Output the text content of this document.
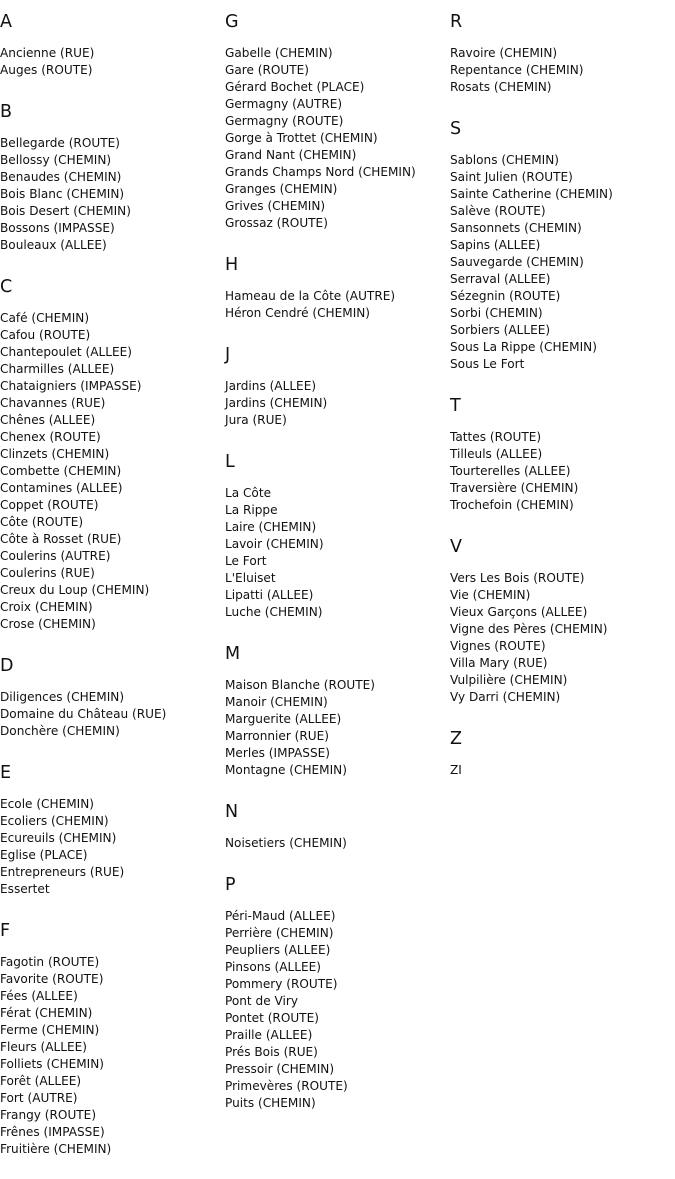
A
Ancienne (RUE)
Auges (ROUTE)
B
Bellegarde (ROUTE)
Bellossy (CHEMIN)
Benaudes (CHEMIN)
Bois Blanc (CHEMIN)
Bois Desert (CHEMIN)
Bossons (IMPASSE)
Bouleaux (ALLEE)
C
Café (CHEMIN)
Cafou (ROUTE)
Chantepoulet (ALLEE)
Charmilles (ALLEE)
Chataigniers (IMPASSE)
Chavannes (RUE)
Chênes (ALLEE)
Chenex (ROUTE)
Clinzets (CHEMIN)
Combette (CHEMIN)
Contamines (ALLEE)
Coppet (ROUTE)
Côte (ROUTE)
Côte à Rosset (RUE)
Coulerins (AUTRE)
Coulerins (RUE)
Creux du Loup (CHEMIN)
Croix (CHEMIN)
Crose (CHEMIN)
D
Diligences (CHEMIN)
Domaine du Château (RUE)
Donchère (CHEMIN)
E
Ecole (CHEMIN)
Ecoliers (CHEMIN)
Ecureuils (CHEMIN)
Eglise (PLACE)
Entrepreneurs (RUE)
Essertet
F
Fagotin (ROUTE)
Favorite (ROUTE)
Fées (ALLEE)
Férat (CHEMIN)
Ferme (CHEMIN)
Fleurs (ALLEE)
Folliets (CHEMIN)
Forêt (ALLEE)
Fort (AUTRE)
Frangy (ROUTE)
Frênes (IMPASSE)
Fruitière (CHEMIN)
G
Gabelle (CHEMIN)
Gare (ROUTE)
Gérard Bochet (PLACE)
Germagny (AUTRE)
Germagny (ROUTE)
Gorge à Trottet (CHEMIN)
Grand Nant (CHEMIN)
Grands Champs Nord (CHEMIN)
Granges (CHEMIN)
Grives (CHEMIN)
Grossaz (ROUTE)
H
Hameau de la Côte (AUTRE)
Héron Cendré (CHEMIN)
J
Jardins (ALLEE)
Jardins (CHEMIN)
Jura (RUE)
L
La Côte
La Rippe
Laire (CHEMIN)
Lavoir (CHEMIN)
Le Fort
L'Eluiset
Lipatti (ALLEE)
Luche (CHEMIN)
M
Maison Blanche (ROUTE)
Manoir (CHEMIN)
Marguerite (ALLEE)
Marronnier (RUE)
Merles (IMPASSE)
Montagne (CHEMIN)
N
Noisetiers (CHEMIN)
P
Péri-Maud (ALLEE)
Perrière (CHEMIN)
Peupliers (ALLEE)
Pinsons (ALLEE)
Pommery (ROUTE)
Pont de Viry
Pontet (ROUTE)
Praille (ALLEE)
Prés Bois (RUE)
Pressoir (CHEMIN)
Primevères (ROUTE)
Puits (CHEMIN)
R
Ravoire (CHEMIN)
Repentance (CHEMIN)
Rosats (CHEMIN)
S
Sablons (CHEMIN)
Saint Julien (ROUTE)
Sainte Catherine (CHEMIN)
Salève (ROUTE)
Sansonnets (CHEMIN)
Sapins (ALLEE)
Sauvegarde (CHEMIN)
Serraval (ALLEE)
Sézegnin (ROUTE)
Sorbi (CHEMIN)
Sorbiers (ALLEE)
Sous La Rippe (CHEMIN)
Sous Le Fort
T
Tattes (ROUTE)
Tilleuls (ALLEE)
Tourterelles (ALLEE)
Traversière (CHEMIN)
Trochefoin (CHEMIN)
V
Vers Les Bois (ROUTE)
Vie (CHEMIN)
Vieux Garçons (ALLEE)
Vigne des Pères (CHEMIN)
Vignes (ROUTE)
Villa Mary (RUE)
Vulpilière (CHEMIN)
Vy Darri (CHEMIN)
Z
ZI
